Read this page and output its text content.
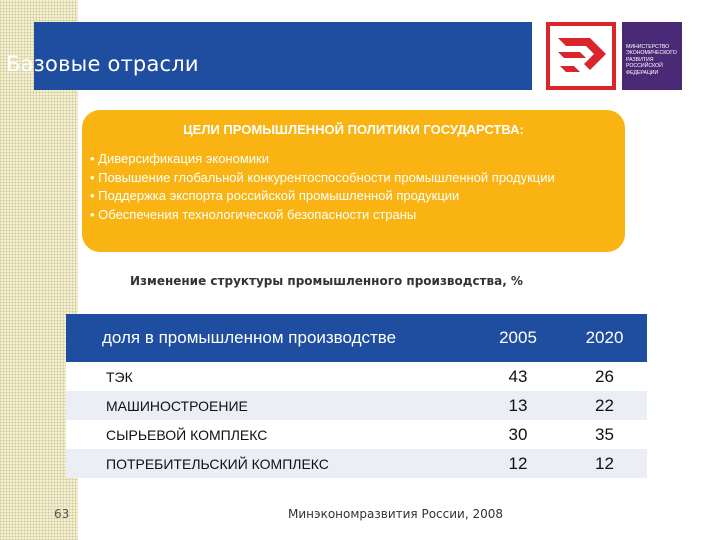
Базовые отрасли
МИНИСТЕРСТВО ЭКОНОМИЧЕСКОГО РАЗВИТИЯ РОССИЙСКОЙ ФЕДЕРАЦИИ
ЦЕЛИ ПРОМЫШЛЕННОЙ ПОЛИТИКИ ГОСУДАРСТВА:
• Диверсификация экономики
• Повышение глобальной конкурентоспособности промышленной продукции
• Поддержка экспорта российской промышленной продукции
• Обеспечения технологической безопасности страны
Изменение структуры промышленного производства, %
доля в промышленном производстве	2005	2020
ТЭК	43	26
МАШИНОСТРОЕНИЕ	13	22
СЫРЬЕВОЙ КОМПЛЕКС	30	35
ПОТРЕБИТЕЛЬСКИЙ КОМПЛЕКС	12	12
63	Минэкономразвития России, 2008
